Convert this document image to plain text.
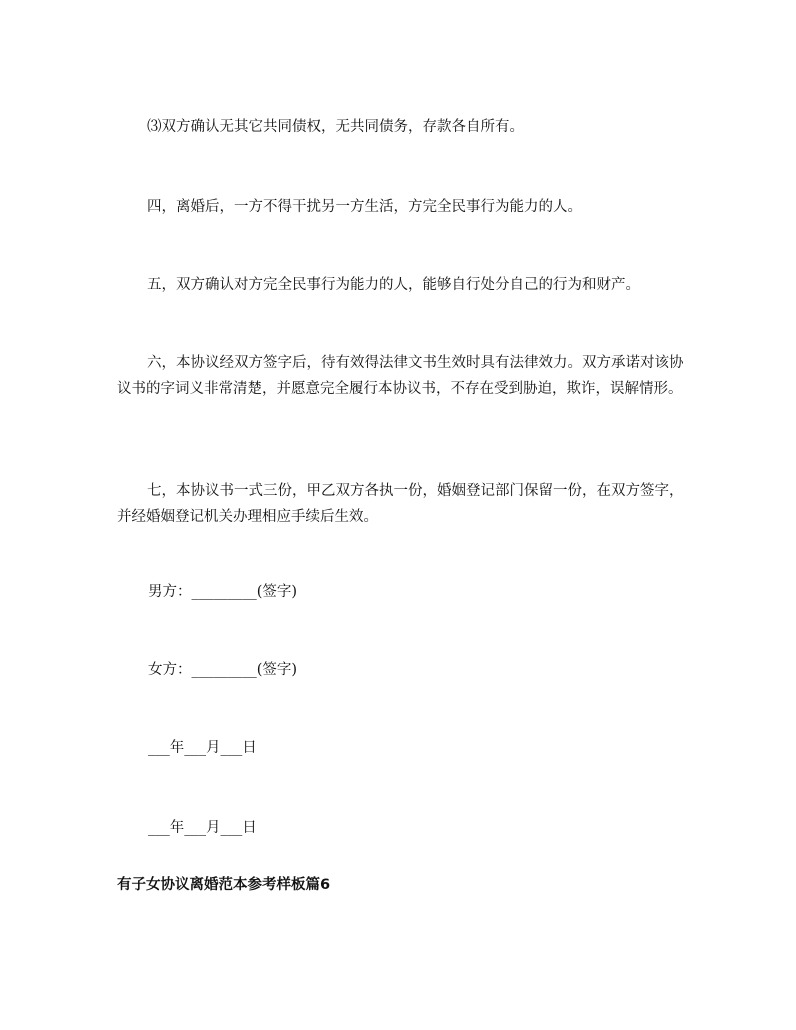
⑶双方确认无其它共同债权，无共同债务，存款各自所有。

四，离婚后，一方不得干扰另一方生活，方完全民事行为能力的人。

五，双方确认对方完全民事行为能力的人，能够自行处分自己的行为和财产。

六，本协议经双方签字后，待有效得法律文书生效时具有法律效力。双方承诺对该协议书的字词义非常清楚，并愿意完全履行本协议书，不存在受到胁迫，欺诈，误解情形。

七，本协议书一式三份，甲乙双方各执一份，婚姻登记部门保留一份，在双方签字，并经婚姻登记机关办理相应手续后生效。

男方：_________(签字)

女方：_________(签字)

___年___月___日

___年___月___日

有子女协议离婚范本参考样板篇6
